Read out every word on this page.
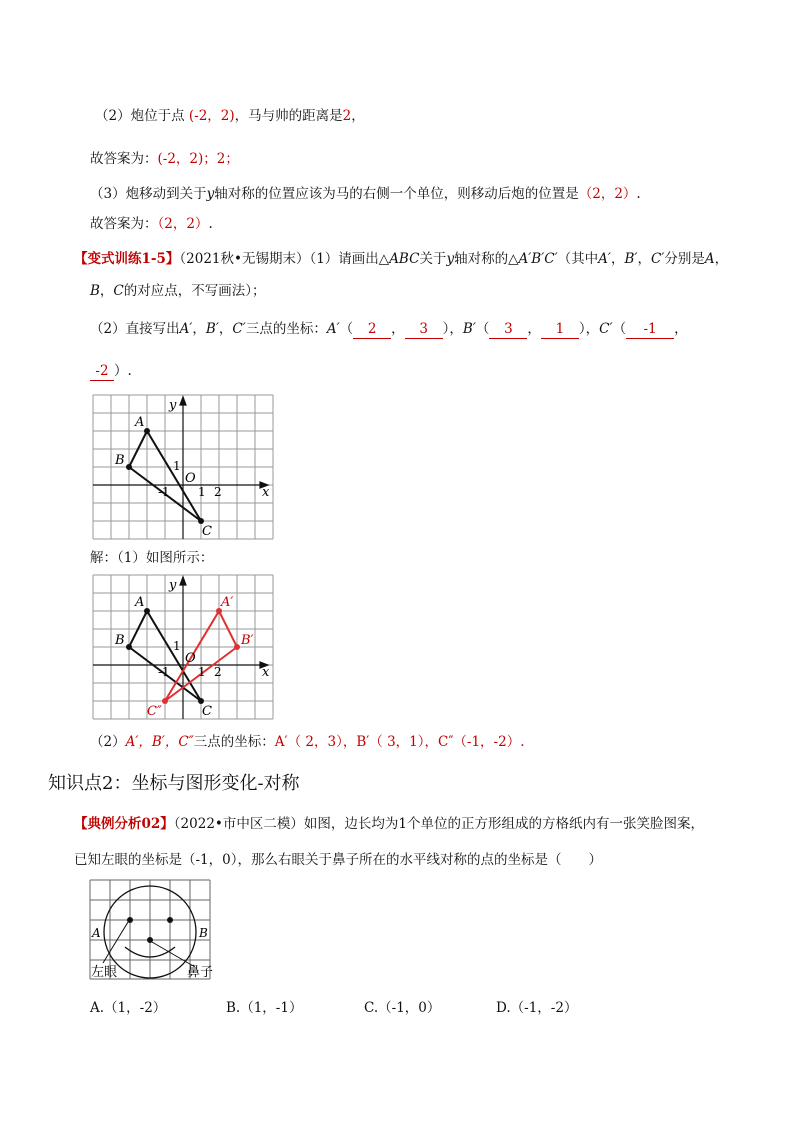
（2）炮位于点 (-2，2)，马与帅的距离是2，
故答案为：(-2，2)；2；
（3）炮移动到关于y轴对称的位置应该为马的右侧一个单位，则移动后炮的位置是（2，2）.
故答案为：（2，2）.
【变式训练1-5】（2021秋•无锡期末）（1）请画出△ABC关于y轴对称的△A′B′C′（其中A′，B′，C′分别是A，
B，C的对应点，不写画法）；
（2）直接写出A′，B′，C′三点的坐标：A′（ 2 ， 3 ），B′（ 3 ， 1 ），C′（ -1 ，
-2 ）.
A
B
C
O
x
y
1 2
-1
1
解：（1）如图所示：
A
B
C
A′
B′
C″
O
x
y
1 2
-1
1
（2）A′，B′，C″三点的坐标：A′（ 2，3），B′（ 3，1），C″（-1，-2）.
知识点2：坐标与图形变化-对称
【典例分析02】（2022•市中区二模）如图，边长均为1个单位的正方形组成的方格纸内有一张笑脸图案，
已知左眼的坐标是（-1，0），那么右眼关于鼻子所在的水平线对称的点的坐标是（　　）
A	B
左眼	鼻子
A.（1，-2）	B.（1，-1）	C.（-1，0）	D.（-1，-2）
